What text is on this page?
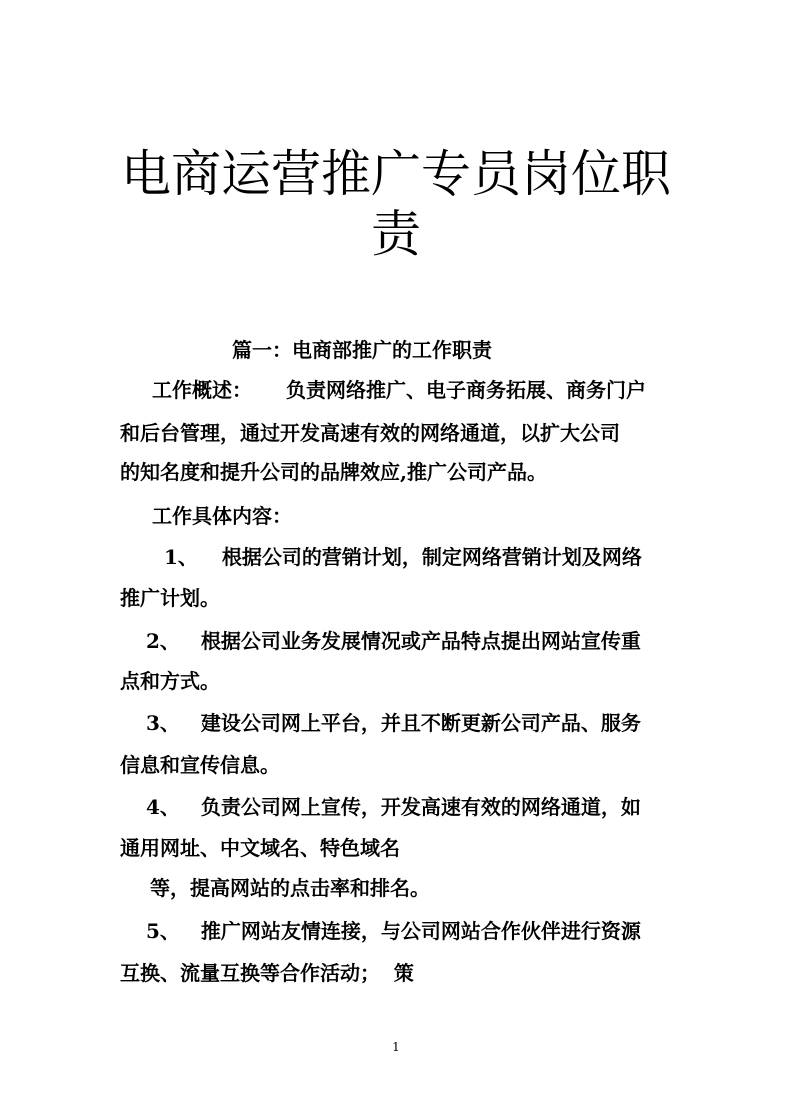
电商运营推广专员岗位职
责
篇一：电商部推广的工作职责
工作概述： 负责网络推广、电子商务拓展、商务门户
和后台管理，通过开发高速有效的网络通道，以扩大公司
的知名度和提升公司的品牌效应,推广公司产品。
工作具体内容：
1、 根据公司的营销计划，制定网络营销计划及网络
推广计划。
2、 根据公司业务发展情况或产品特点提出网站宣传重
点和方式。
3、 建设公司网上平台，并且不断更新公司产品、服务
信息和宣传信息。
4、 负责公司网上宣传，开发高速有效的网络通道，如
通用网址、中文域名、特色域名
等，提高网站的点击率和排名。
5、 推广网站友情连接，与公司网站合作伙伴进行资源
互换、流量互换等合作活动；  策
1
